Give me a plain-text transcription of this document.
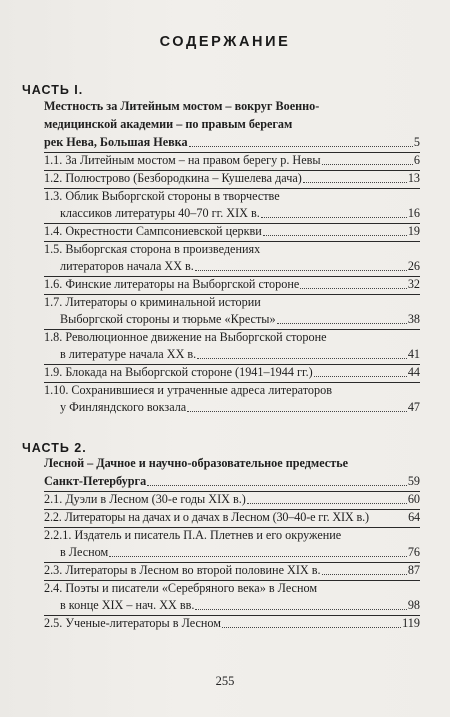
СОДЕРЖАНИЕ
ЧАСТЬ I.
Местность за Литейным мостом – вокруг Военно-
медицинской академии – по правым берегам
рек Нева, Большая Невка	5
1.1. За Литейным мостом – на правом берегу р. Невы	6
1.2. Полюстрово (Безбородкина – Кушелева дача)	13
1.3. Облик Выборгской стороны в творчестве
классиков литературы 40–70 гг. XIX в.	16
1.4. Окрестности Сампсониевской церкви	19
1.5. Выборгская сторона в произведениях
литераторов начала XX в.	26
1.6. Финские литераторы на Выборгской стороне	32
1.7. Литераторы о криминальной истории
Выборгской стороны и тюрьме «Кресты»	38
1.8. Революционное движение на Выборгской стороне
в литературе начала XX в.	41
1.9. Блокада на Выборгской стороне (1941–1944 гг.)	44
1.10. Сохранившиеся и утраченные адреса литераторов
у Финляндского вокзала	47
ЧАСТЬ 2.
Лесной – Дачное и научно-образовательное предместье
Санкт-Петербурга	59
2.1. Дуэли в Лесном (30-е годы XIX в.)	60
2.2. Литераторы на дачах и о дачах в Лесном (30–40-е гг. XIX в.)	64
2.2.1. Издатель и писатель П.А. Плетнев и его окружение
в Лесном	76
2.3. Литераторы в Лесном во второй половине XIX в.	87
2.4. Поэты и писатели «Серебряного века» в Лесном
в конце XIX – нач. XX вв.	98
2.5. Ученые-литераторы в Лесном	119
255
